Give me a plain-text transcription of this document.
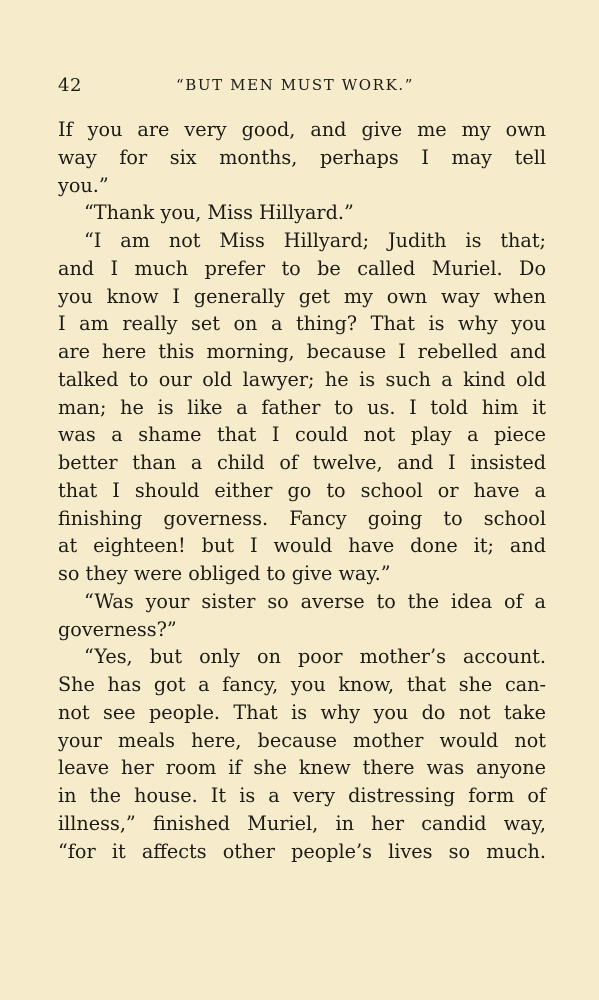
42	“BUT MEN MUST WORK.”
If you are very good, and give me my own
way for six months, perhaps I may tell
you.”
“Thank you, Miss Hillyard.”
“I am not Miss Hillyard; Judith is that;
and I much prefer to be called Muriel. Do
you know I generally get my own way when
I am really set on a thing? That is why you
are here this morning, because I rebelled and
talked to our old lawyer; he is such a kind old
man; he is like a father to us. I told him it
was a shame that I could not play a piece
better than a child of twelve, and I insisted
that I should either go to school or have a
finishing governess. Fancy going to school
at eighteen! but I would have done it; and
so they were obliged to give way.”
“Was your sister so averse to the idea of a
governess?”
“Yes, but only on poor mother’s account.
She has got a fancy, you know, that she can-
not see people. That is why you do not take
your meals here, because mother would not
leave her room if she knew there was anyone
in the house. It is a very distressing form of
illness,” finished Muriel, in her candid way,
“for it affects other people’s lives so much.
